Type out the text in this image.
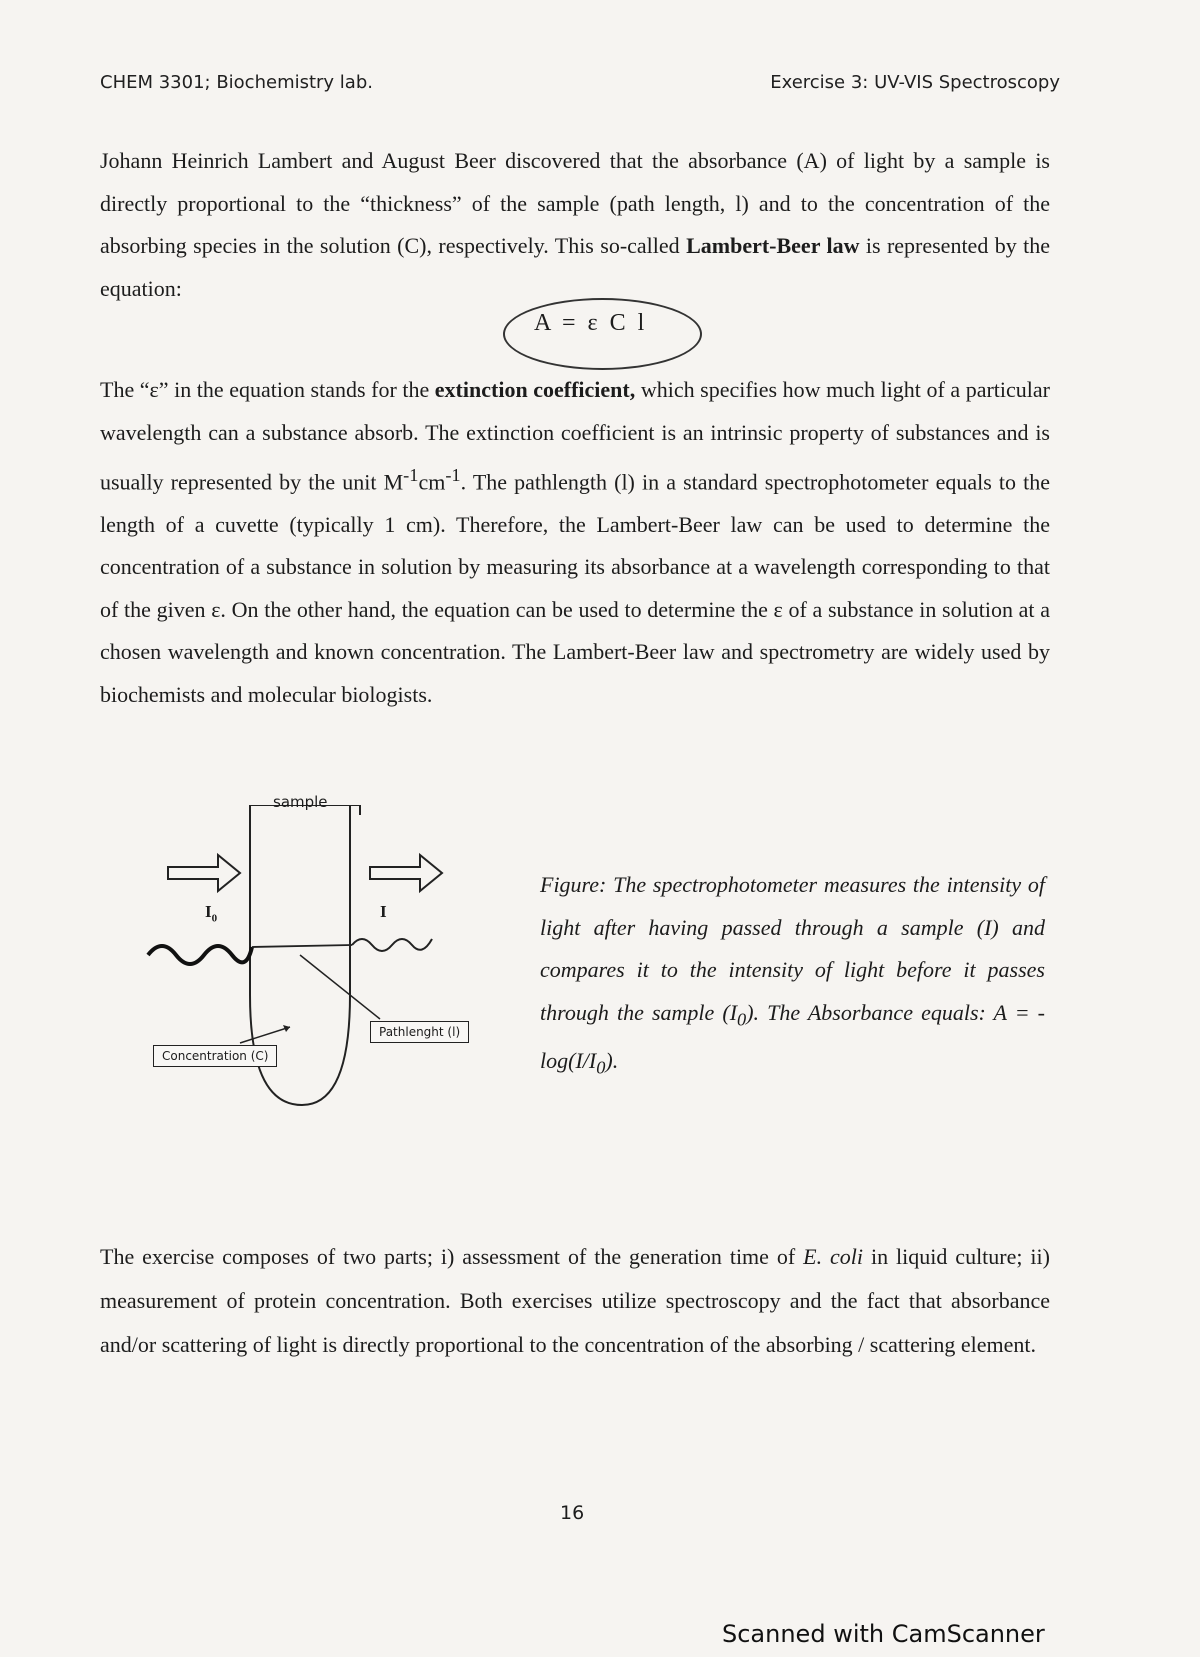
CHEM 3301; Biochemistry lab.	Exercise 3: UV-VIS Spectroscopy

Johann Heinrich Lambert and August Beer discovered that the absorbance (A) of light by a sample is directly proportional to the “thickness” of the sample (path length, l) and to the concentration of the absorbing species in the solution (C), respectively. This so-called Lambert-Beer law is represented by the equation:

A = ε C l

The “ε” in the equation stands for the extinction coefficient, which specifies how much light of a particular wavelength can a substance absorb. The extinction coefficient is an intrinsic property of substances and is usually represented by the unit $M^{-1}cm^{-1}$. The pathlength (l) in a standard spectrophotometer equals to the length of a cuvette (typically 1 cm). Therefore, the Lambert-Beer law can be used to determine the concentration of a substance in solution by measuring its absorbance at a wavelength corresponding to that of the given ε. On the other hand, the equation can be used to determine the ε of a substance in solution at a chosen wavelength and known concentration. The Lambert-Beer law and spectrometry are widely used by biochemists and molecular biologists.

sample
$I_0$	I
Concentration (C)
Pathlenght (l)

Figure: The spectrophotometer measures the intensity of light after having passed through a sample (I) and compares it to the intensity of light before it passes through the sample $(I_0)$. The Absorbance equals: $A = -\log(I/I_0)$.

The exercise composes of two parts; i) assessment of the generation time of E. coli in liquid culture; ii) measurement of protein concentration. Both exercises utilize spectroscopy and the fact that absorbance and/or scattering of light is directly proportional to the concentration of the absorbing / scattering element.

16
Scanned with CamScanner
